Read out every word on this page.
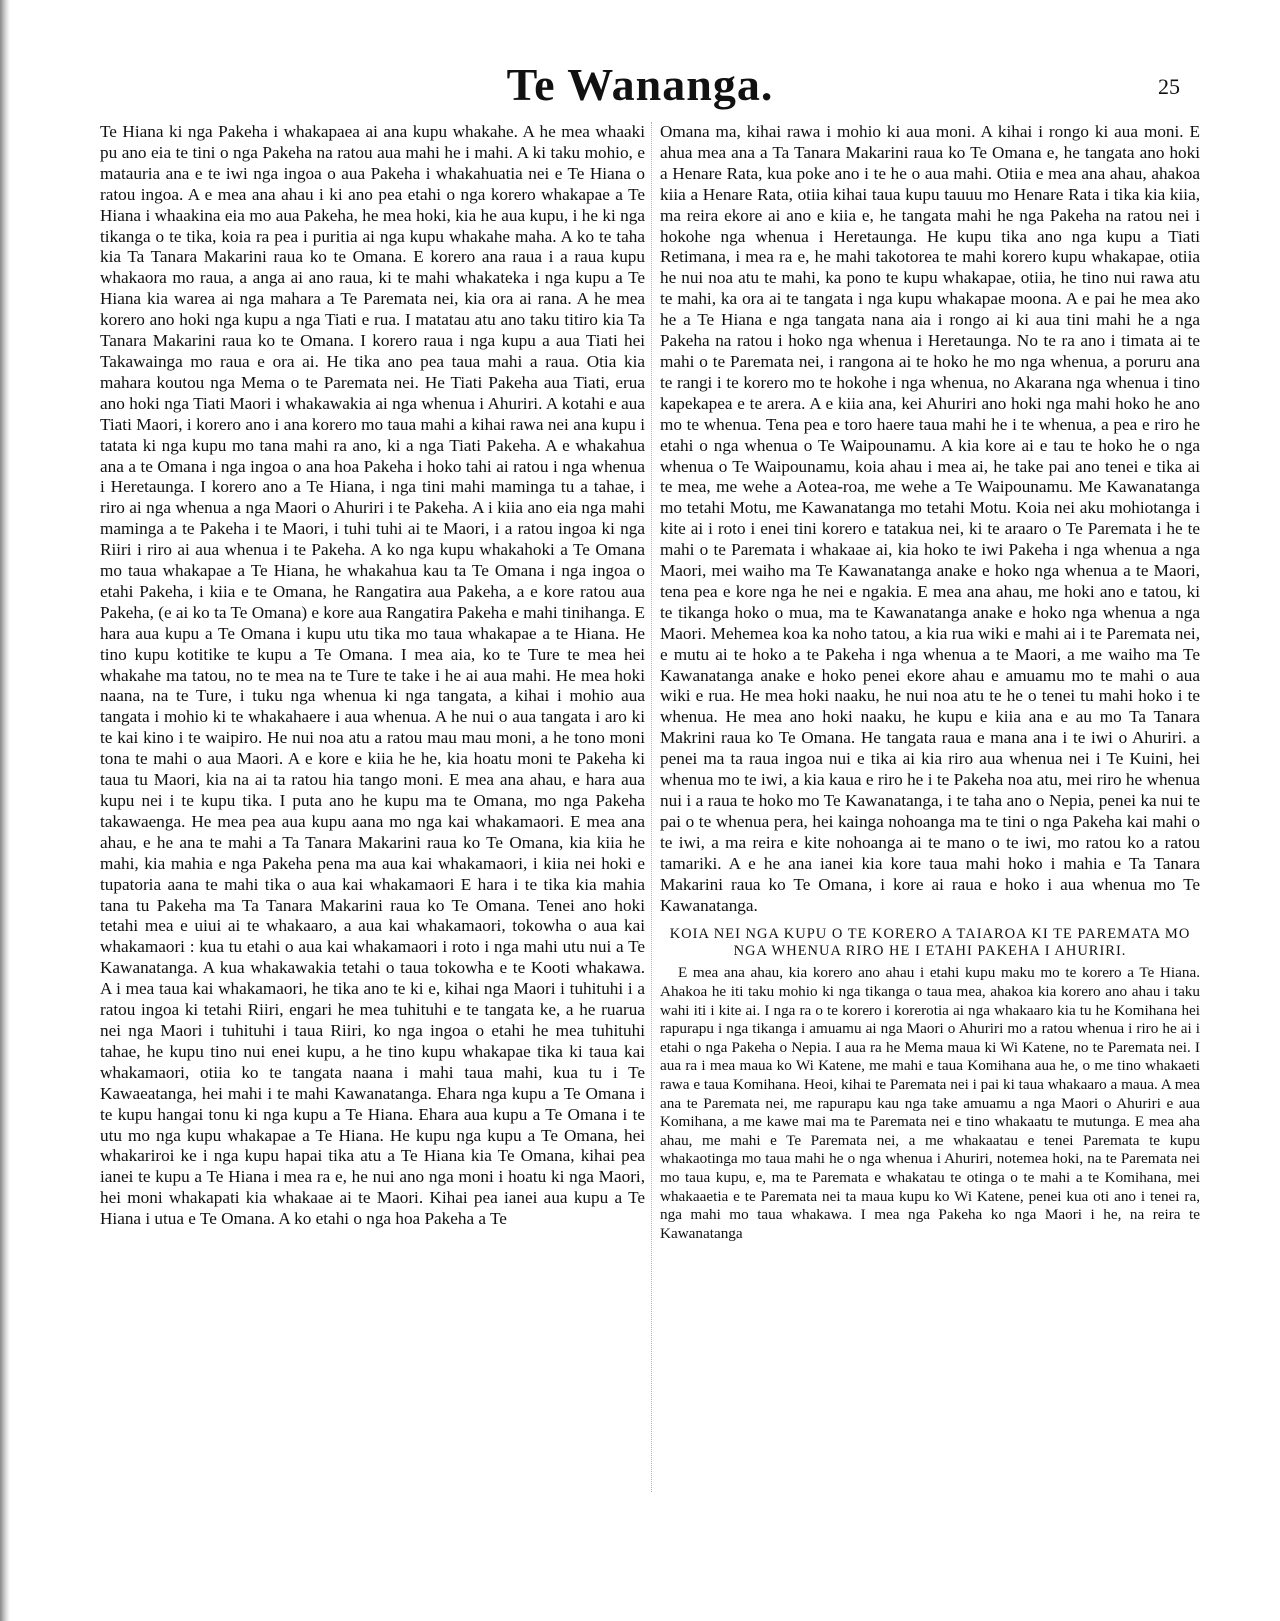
Te Wananga.	25

Te Hiana ki nga Pakeha i whakapaea ai ana kupu whakahe. A he mea whaaki pu ano eia te tini o nga Pakeha na ratou aua mahi he i mahi. A ki taku mohio, e matauria ana e te iwi nga ingoa o aua Pakeha i whakahuatia nei e Te Hiana o ratou ingoa. A e mea ana ahau i ki ano pea etahi o nga korero whakapae a Te Hiana i whaakina eia mo aua Pakeha, he mea hoki, kia he aua kupu, i he ki nga tikanga o te tika, koia ra pea i puritia ai nga kupu whakahe maha. A ko te taha kia Ta Tanara Makarini raua ko te Omana. E korero ana raua i a raua kupu whakaora mo raua, a anga ai ano raua, ki te mahi whakateka i nga kupu a Te Hiana kia warea ai nga mahara a Te Paremata nei, kia ora ai rana. A he mea korero ano hoki nga kupu a nga Tiati e rua. I matatau atu ano taku titiro kia Ta Tanara Makarini raua ko te Omana. I korero raua i nga kupu a aua Tiati hei Takawainga mo raua e ora ai. He tika ano pea taua mahi a raua. Otia kia mahara koutou nga Mema o te Paremata nei. He Tiati Pakeha aua Tiati, erua ano hoki nga Tiati Maori i whakawakia ai nga whenua i Ahuriri. A kotahi e aua Tiati Maori, i korero ano i ana korero mo taua mahi a kihai rawa nei ana kupu i tatata ki nga kupu mo tana mahi ra ano, ki a nga Tiati Pakeha. A e whakahua ana a te Omana i nga ingoa o ana hoa Pakeha i hoko tahi ai ratou i nga whenua i Heretaunga. I korero ano a Te Hiana, i nga tini mahi maminga tu a tahae, i riro ai nga whenua a nga Maori o Ahuriri i te Pakeha. A i kiia ano eia nga mahi maminga a te Pakeha i te Maori, i tuhi tuhi ai te Maori, i a ratou ingoa ki nga Riiri i riro ai aua whenua i te Pakeha. A ko nga kupu whakahoki a Te Omana mo taua whakapae a Te Hiana, he whakahua kau ta Te Omana i nga ingoa o etahi Pakeha, i kiia e te Omana, he Rangatira aua Pakeha, a e kore ratou aua Pakeha, (e ai ko ta Te Omana) e kore aua Rangatira Pakeha e mahi tinihanga. E hara aua kupu a Te Omana i kupu utu tika mo taua whakapae a te Hiana. He tino kupu kotitike te kupu a Te Omana. I mea aia, ko te Ture te mea hei whakahe ma tatou, no te mea na te Ture te take i he ai aua mahi. He mea hoki naana, na te Ture, i tuku nga whenua ki nga tangata, a kihai i mohio aua tangata i mohio ki te whakahaere i aua whenua. A he nui o aua tangata i aro ki te kai kino i te waipiro. He nui noa atu a ratou mau mau moni, a he tono moni tona te mahi o aua Maori. A e kore e kiia he he, kia hoatu moni te Pakeha ki taua tu Maori, kia na ai ta ratou hia tango moni. E mea ana ahau, e hara aua kupu nei i te kupu tika. I puta ano he kupu ma te Omana, mo nga Pakeha takawaenga. He mea pea aua kupu aana mo nga kai whakamaori. E mea ana ahau, e he ana te mahi a Ta Tanara Makarini raua ko Te Omana, kia kiia he mahi, kia mahia e nga Pakeha pena ma aua kai whakamaori, i kiia nei hoki e tupatoria aana te mahi tika o aua kai whakamaori E hara i te tika kia mahia tana tu Pakeha ma Ta Tanara Makarini raua ko Te Omana. Tenei ano hoki tetahi mea e uiui ai te whakaaro, a aua kai whakamaori, tokowha o aua kai whakamaori : kua tu etahi o aua kai whakamaori i roto i nga mahi utu nui a Te Kawanatanga. A kua whakawakia tetahi o taua tokowha e te Kooti whakawa. A i mea taua kai whakamaori, he tika ano te ki e, kihai nga Maori i tuhituhi i a ratou ingoa ki tetahi Riiri, engari he mea tuhituhi e te tangata ke, a he ruarua nei nga Maori i tuhituhi i taua Riiri, ko nga ingoa o etahi he mea tuhituhi tahae, he kupu tino nui enei kupu, a he tino kupu whakapae tika ki taua kai whakamaori, otiia ko te tangata naana i mahi taua mahi, kua tu i Te Kawaeatanga, hei mahi i te mahi Kawanatanga. Ehara nga kupu a Te Omana i te kupu hangai tonu ki nga kupu a Te Hiana. Ehara aua kupu a Te Omana i te utu mo nga kupu whakapae a Te Hiana. He kupu nga kupu a Te Omana, hei whakariroi ke i nga kupu hapai tika atu a Te Hiana kia Te Omana, kihai pea ianei te kupu a Te Hiana i mea ra e, he nui ano nga moni i hoatu ki nga Maori, hei moni whakapati kia whakaae ai te Maori. Kihai pea ianei aua kupu a Te Hiana i utua e Te Omana. A ko etahi o nga hoa Pakeha a Te

Omana ma, kihai rawa i mohio ki aua moni. A kihai i rongo ki aua moni. E ahua mea ana a Ta Tanara Makarini raua ko Te Omana e, he tangata ano hoki a Henare Rata, kua poke ano i te he o aua mahi. Otiia e mea ana ahau, ahakoa kiia a Henare Rata, otiia kihai taua kupu tauuu mo Henare Rata i tika kia kiia, ma reira ekore ai ano e kiia e, he tangata mahi he nga Pakeha na ratou nei i hokohe nga whenua i Heretaunga. He kupu tika ano nga kupu a Tiati Retimana, i mea ra e, he mahi takotorea te mahi korero kupu whakapae, otiia he nui noa atu te mahi, ka pono te kupu whakapae, otiia, he tino nui rawa atu te mahi, ka ora ai te tangata i nga kupu whakapae moona. A e pai he mea ako he a Te Hiana e nga tangata nana aia i rongo ai ki aua tini mahi he a nga Pakeha na ratou i hoko nga whenua i Heretaunga. No te ra ano i timata ai te mahi o te Paremata nei, i rangona ai te hoko he mo nga whenua, a poruru ana te rangi i te korero mo te hokohe i nga whenua, no Akarana nga whenua i tino kapekapea e te arera. A e kiia ana, kei Ahuriri ano hoki nga mahi hoko he ano mo te whenua. Tena pea e toro haere taua mahi he i te whenua, a pea e riro he etahi o nga whenua o Te Waipounamu. A kia kore ai e tau te hoko he o nga whenua o Te Waipounamu, koia ahau i mea ai, he take pai ano tenei e tika ai te mea, me wehe a Aotea-roa, me wehe a Te Waipounamu. Me Kawanatanga mo tetahi Motu, me Kawanatanga mo tetahi Motu. Koia nei aku mohiotanga i kite ai i roto i enei tini korero e tatakua nei, ki te araaro o Te Paremata i he te mahi o te Paremata i whakaae ai, kia hoko te iwi Pakeha i nga whenua a nga Maori, mei waiho ma Te Kawanatanga anake e hoko nga whenua a te Maori, tena pea e kore nga he nei e ngakia. E mea ana ahau, me hoki ano e tatou, ki te tikanga hoko o mua, ma te Kawanatanga anake e hoko nga whenua a nga Maori. Mehemea koa ka noho tatou, a kia rua wiki e mahi ai i te Paremata nei, e mutu ai te hoko a te Pakeha i nga whenua a te Maori, a me waiho ma Te Kawanatanga anake e hoko penei ekore ahau e amuamu mo te mahi o aua wiki e rua. He mea hoki naaku, he nui noa atu te he o tenei tu mahi hoko i te whenua. He mea ano hoki naaku, he kupu e kiia ana e au mo Ta Tanara Makrini raua ko Te Omana. He tangata raua e mana ana i te iwi o Ahuriri. a penei ma ta raua ingoa nui e tika ai kia riro aua whenua nei i Te Kuini, hei whenua mo te iwi, a kia kaua e riro he i te Pakeha noa atu, mei riro he whenua nui i a raua te hoko mo Te Kawanatanga, i te taha ano o Nepia, penei ka nui te pai o te whenua pera, hei kainga nohoanga ma te tini o nga Pakeha kai mahi o te iwi, a ma reira e kite nohoanga ai te mano o te iwi, mo ratou ko a ratou tamariki. A e he ana ianei kia kore taua mahi hoko i mahia e Ta Tanara Makarini raua ko Te Omana, i kore ai raua e hoko i aua whenua mo Te Kawanatanga.

KOIA NEI NGA KUPU O TE KORERO A TAIAROA KI TE PAREMATA MO NGA WHENUA RIRO HE I ETAHI PAKEHA I AHURIRI.

E mea ana ahau, kia korero ano ahau i etahi kupu maku mo te korero a Te Hiana. Ahakoa he iti taku mohio ki nga tikanga o taua mea, ahakoa kia korero ano ahau i taku wahi iti i kite ai. I nga ra o te korero i korerotia ai nga whakaaro kia tu he Komihana hei rapurapu i nga tikanga i amuamu ai nga Maori o Ahuriri mo a ratou whenua i riro he ai i etahi o nga Pakeha o Nepia. I aua ra he Mema maua ki Wi Katene, no te Paremata nei. I aua ra i mea maua ko Wi Katene, me mahi e taua Komihana aua he, o me tino whakaeti rawa e taua Komihana. Heoi, kihai te Paremata nei i pai ki taua whakaaro a maua. A mea ana te Paremata nei, me rapurapu kau nga take amuamu a nga Maori o Ahuriri e aua Komihana, a me kawe mai ma te Paremata nei e tino whakaatu te mutunga. E mea aha ahau, me mahi e Te Paremata nei, a me whakaatau e tenei Paremata te kupu whakaotinga mo taua mahi he o nga whenua i Ahuriri, notemea hoki, na te Paremata nei mo taua kupu, e, ma te Paremata e whakatau te otinga o te mahi a te Komihana, mei whakaaetia e te Paremata nei ta maua kupu ko Wi Katene, penei kua oti ano i tenei ra, nga mahi mo taua whakawa. I mea nga Pakeha ko nga Maori i he, na reira te Kawanatanga
